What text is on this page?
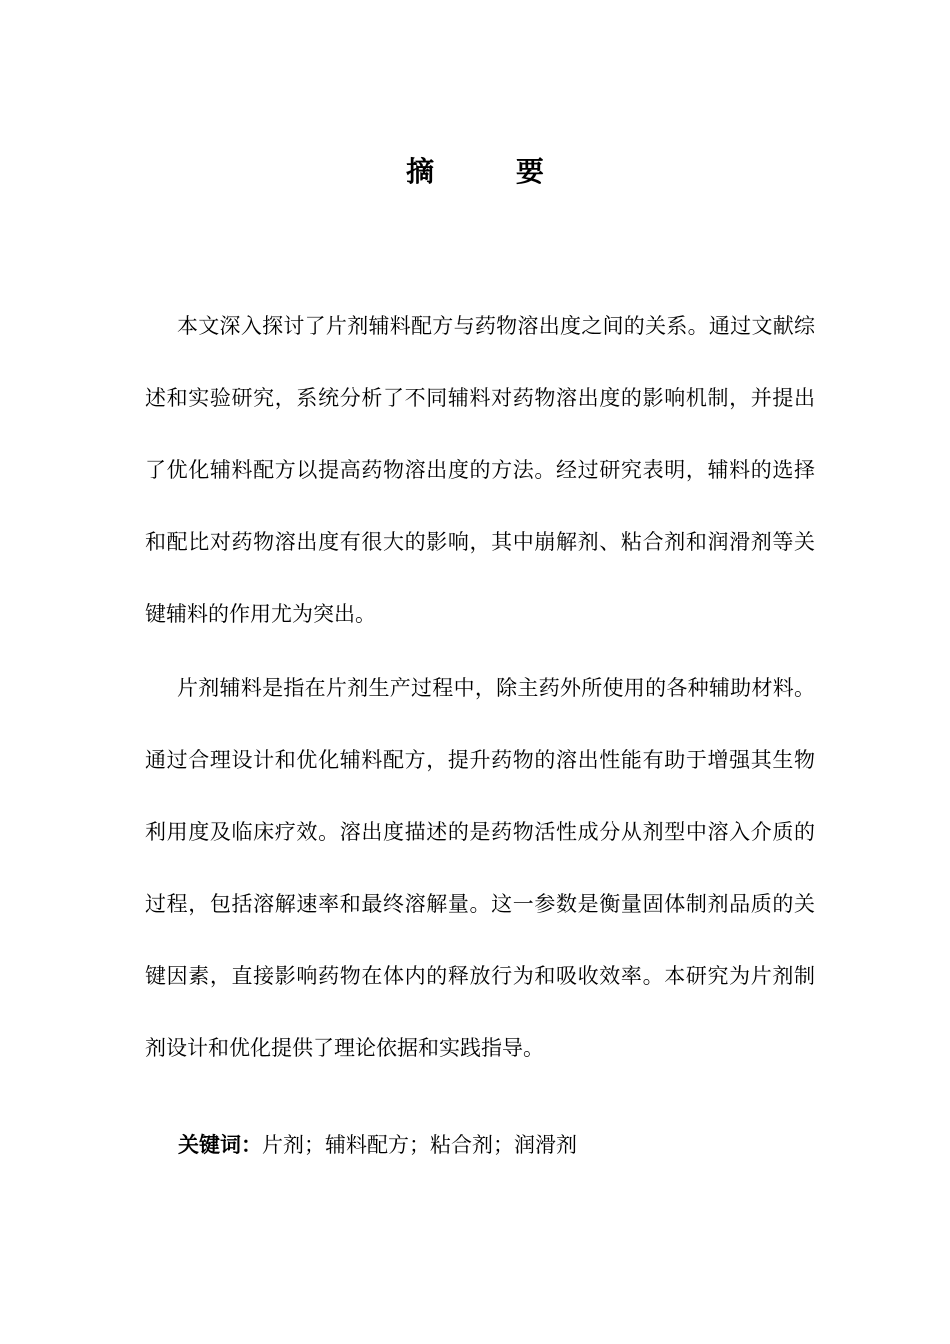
摘 要

本文深入探讨了片剂辅料配方与药物溶出度之间的关系。通过文献综述和实验研究，系统分析了不同辅料对药物溶出度的影响机制，并提出了优化辅料配方以提高药物溶出度的方法。经过研究表明，辅料的选择和配比对药物溶出度有很大的影响，其中崩解剂、粘合剂和润滑剂等关键辅料的作用尤为突出。

片剂辅料是指在片剂生产过程中，除主药外所使用的各种辅助材料。通过合理设计和优化辅料配方，提升药物的溶出性能有助于增强其生物利用度及临床疗效。溶出度描述的是药物活性成分从剂型中溶入介质的过程，包括溶解速率和最终溶解量。这一参数是衡量固体制剂品质的关键因素，直接影响药物在体内的释放行为和吸收效率。本研究为片剂制剂设计和优化提供了理论依据和实践指导。

关键词：片剂；辅料配方；粘合剂；润滑剂
